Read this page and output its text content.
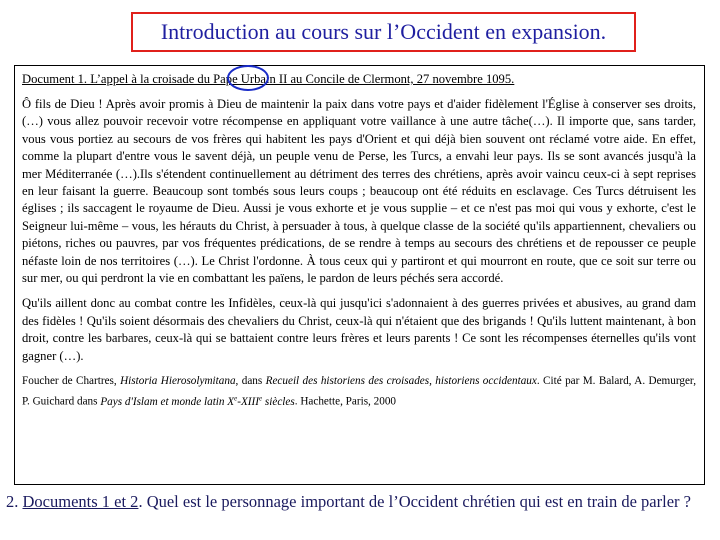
Introduction au cours sur l’Occident en expansion.
Document 1. L’appel à la croisade du Pape Urbain II au Concile de Clermont, 27 novembre 1095.

Ô fils de Dieu ! Après avoir promis à Dieu de maintenir la paix dans votre pays et d'aider fidèlement l'Église à conserver ses droits, (…) vous allez pouvoir recevoir votre récompense en appliquant votre vaillance à une autre tâche(…). Il importe que, sans tarder, vous vous portiez au secours de vos frères qui habitent les pays d'Orient et qui déjà bien souvent ont réclamé votre aide. En effet, comme la plupart d'entre vous le savent déjà, un peuple venu de Perse, les Turcs, a envahi leur pays. Ils se sont avancés jusqu'à la mer Méditerranée (…).Ils s'étendent continuellement au détriment des terres des chrétiens, après avoir vaincu ceux-ci à sept reprises en leur faisant la guerre. Beaucoup sont tombés sous leurs coups ; beaucoup ont été réduits en esclavage. Ces Turcs détruisent les églises ; ils saccagent le royaume de Dieu. Aussi je vous exhorte et je vous supplie – et ce n'est pas moi qui vous y exhorte, c'est le Seigneur lui-même – vous, les hérauts du Christ, à persuader à tous, à quelque classe de la société qu'ils appartiennent, chevaliers ou piétons, riches ou pauvres, par vos fréquentes prédications, de se rendre à temps au secours des chrétiens et de repousser ce peuple néfaste loin de nos territoires (…). Le Christ l'ordonne. À tous ceux qui y partiront et qui mourront en route, que ce soit sur terre ou sur mer, ou qui perdront la vie en combattant les païens, le pardon de leurs péchés sera accordé.

Qu'ils aillent donc au combat contre les Infidèles, ceux-là qui jusqu'ici s'adonnaient à des guerres privées et abusives, au grand dam des fidèles ! Qu'ils soient désormais des chevaliers du Christ, ceux-là qui n'étaient que des brigands ! Qu'ils luttent maintenant, à bon droit, contre les barbares, ceux-là qui se battaient contre leurs frères et leurs parents ! Ce sont les récompenses éternelles qu'ils vont gagner (…).

Foucher de Chartres, Historia Hierosolymitana, dans Recueil des historiens des croisades, historiens occidentaux. Cité par M. Balard, A. Demurger, P. Guichard dans Pays d'Islam et monde latin Xe-XIIIe siècles. Hachette, Paris, 2000
2. Documents 1 et 2. Quel est le personnage important de l’Occident chrétien qui est en train de parler ?
